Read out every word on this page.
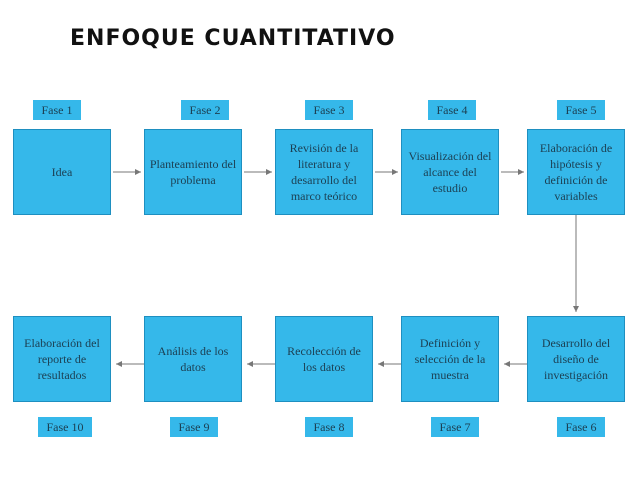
ENFOQUE CUANTITATIVO
Fase 1
Idea
Fase 2
Planteamiento del problema
Fase 3
Revisión de la literatura y desarrollo del marco teórico
Fase 4
Visualización del alcance del estudio
Fase 5
Elaboración de hipótesis y definición de variables
Desarrollo del diseño de investigación
Fase 6
Definición y selección de la muestra
Fase 7
Recolección de los datos
Fase 8
Análisis de los datos
Fase 9
Elaboración del reporte de resultados
Fase 10
